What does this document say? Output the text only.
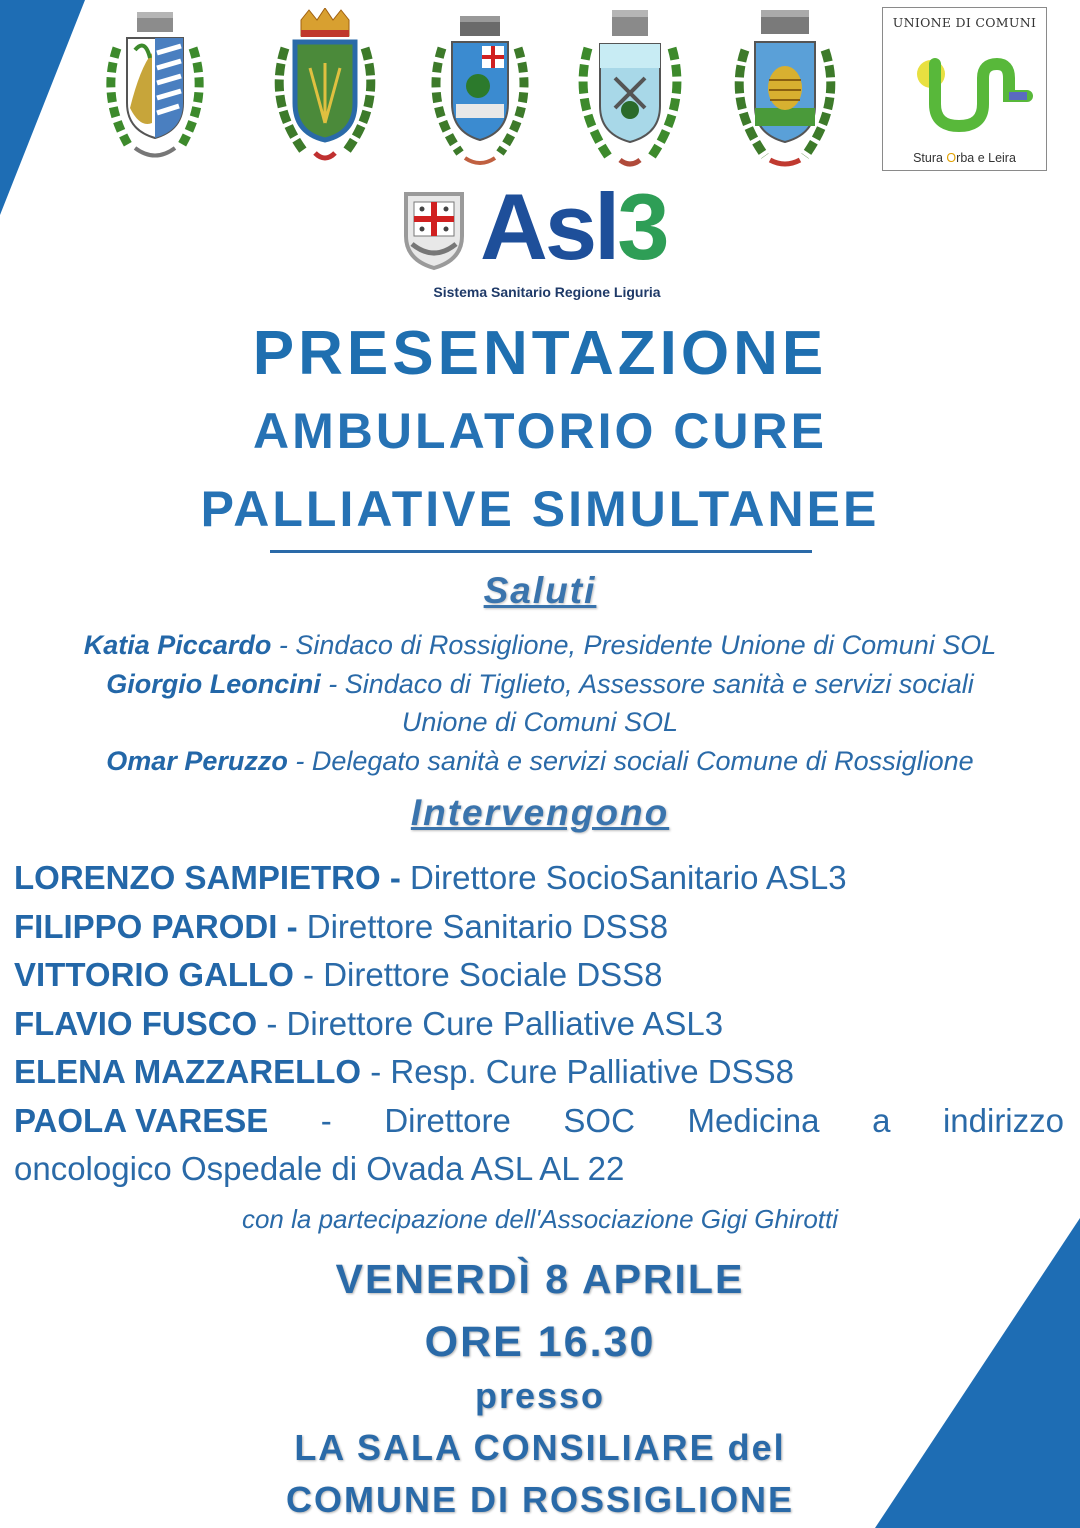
UNIONE DI COMUNI
Stura Orba e Leira
Asl3
Sistema Sanitario Regione Liguria
PRESENTAZIONE
AMBULATORIO CURE
PALLIATIVE SIMULTANEE
Saluti
Katia Piccardo - Sindaco di Rossiglione, Presidente Unione di Comuni SOL
Giorgio Leoncini - Sindaco di Tiglieto, Assessore sanità e servizi sociali
Unione di Comuni SOL
Omar Peruzzo - Delegato sanità e servizi sociali Comune di Rossiglione
Intervengono
LORENZO SAMPIETRO - Direttore SocioSanitario ASL3
FILIPPO PARODI - Direttore Sanitario DSS8
VITTORIO GALLO - Direttore Sociale DSS8
FLAVIO FUSCO - Direttore Cure Palliative ASL3
ELENA MAZZARELLO - Resp. Cure Palliative DSS8
PAOLA VARESE - Direttore SOC Medicina a indirizzo
oncologico Ospedale di Ovada ASL AL 22
con la partecipazione dell'Associazione Gigi Ghirotti
VENERDÌ 8 APRILE
ORE 16.30
presso
LA SALA CONSILIARE del
COMUNE DI ROSSIGLIONE
